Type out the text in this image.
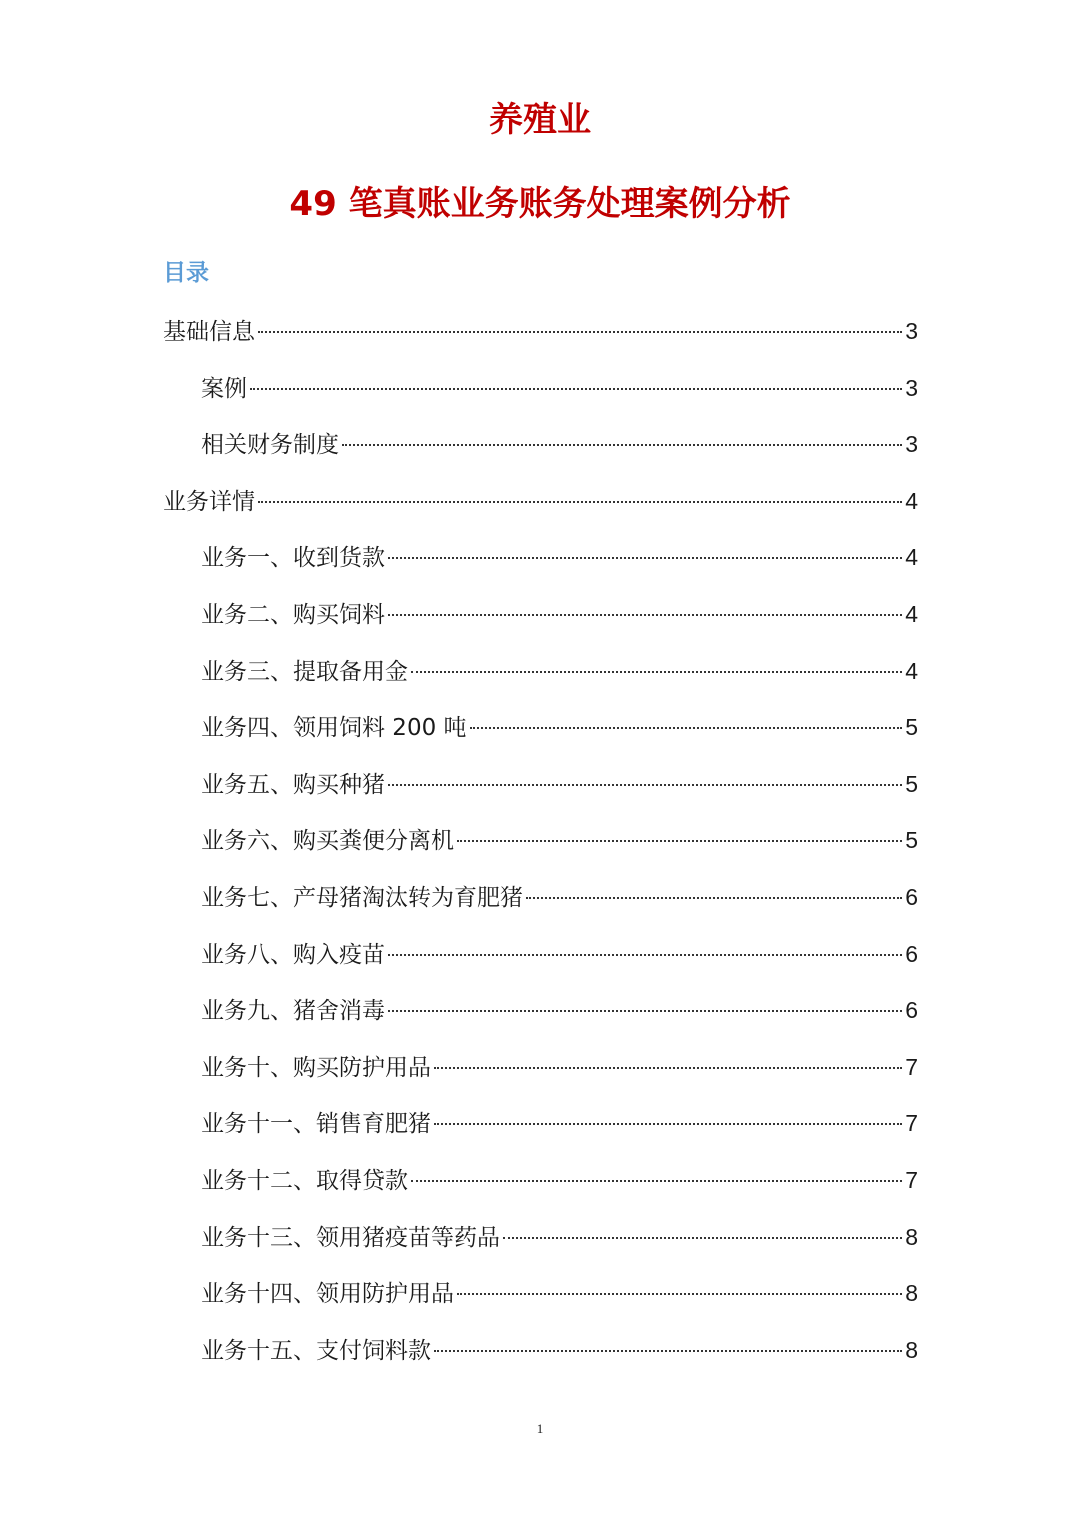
养殖业
49 笔真账业务账务处理案例分析
目录
基础信息	3
案例	3
相关财务制度	3
业务详情	4
业务一、收到货款	4
业务二、购买饲料	4
业务三、提取备用金	4
业务四、领用饲料 200 吨	5
业务五、购买种猪	5
业务六、购买粪便分离机	5
业务七、产母猪淘汰转为育肥猪	6
业务八、购入疫苗	6
业务九、猪舍消毒	6
业务十、购买防护用品	7
业务十一、销售育肥猪	7
业务十二、取得贷款	7
业务十三、领用猪疫苗等药品	8
业务十四、领用防护用品	8
业务十五、支付饲料款	8
1
